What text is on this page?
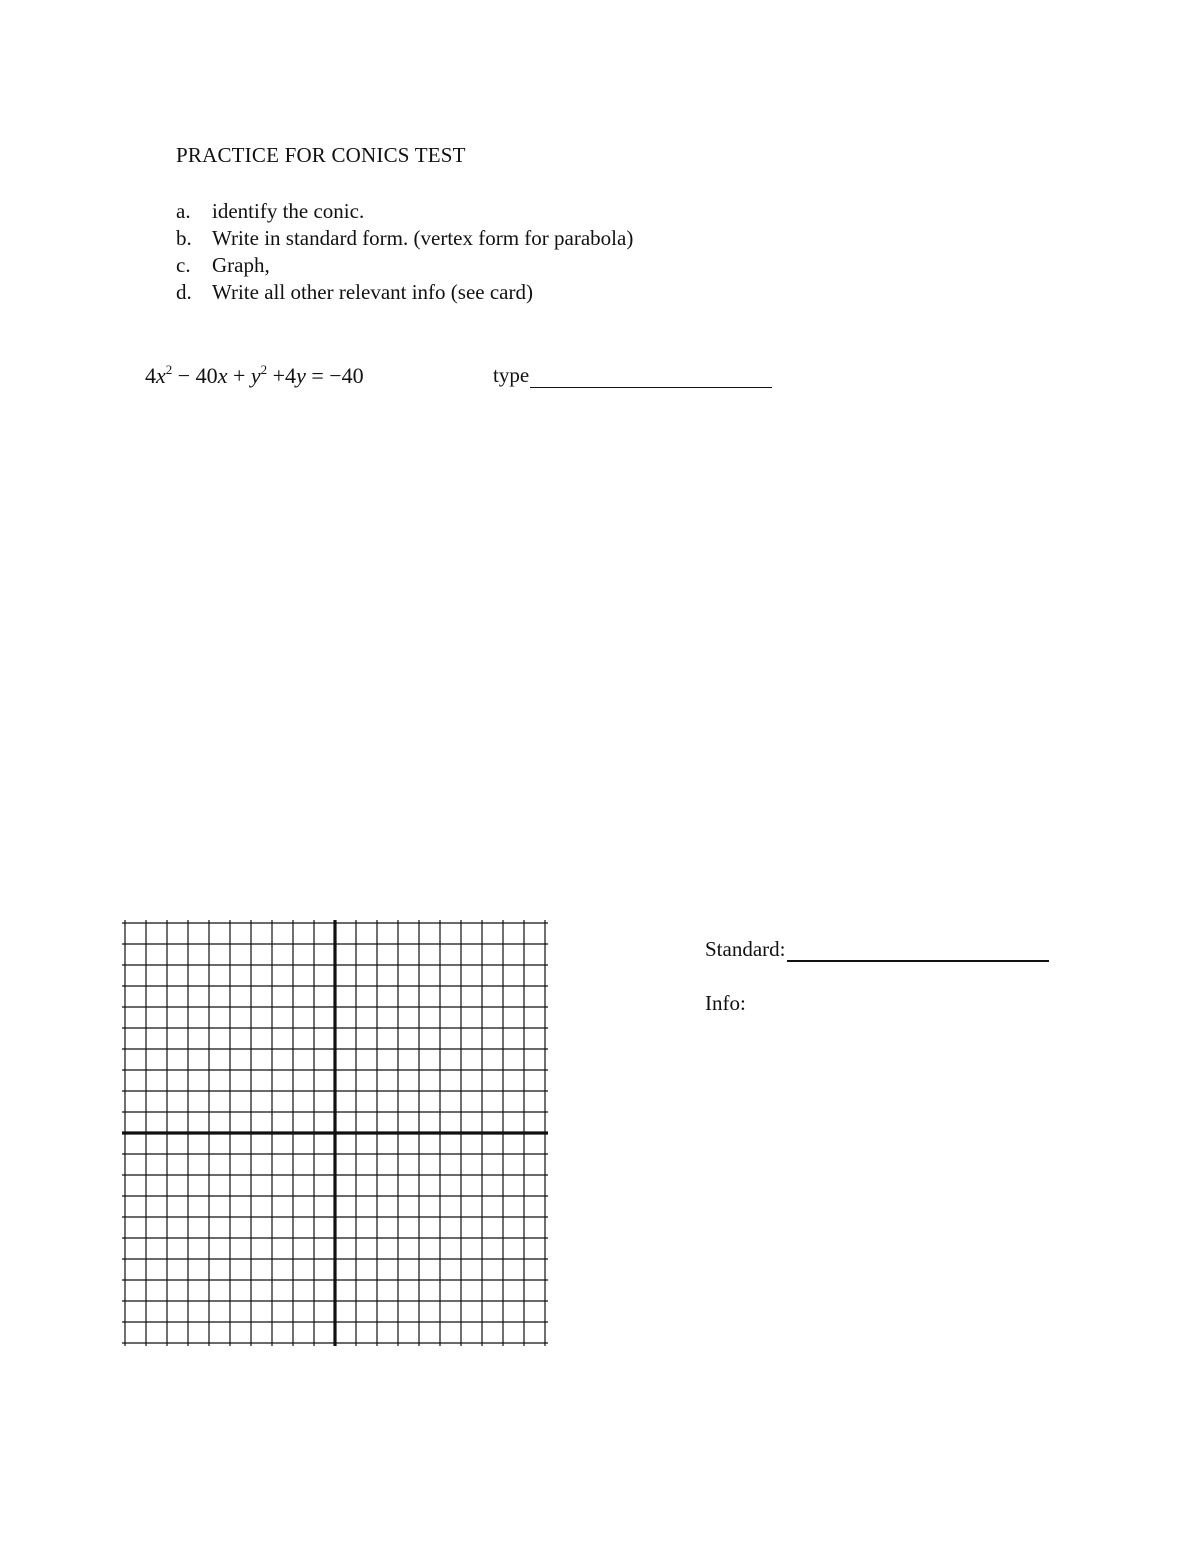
PRACTICE FOR CONICS TEST
a.	identify the conic.
b. Write in standard form. (vertex form for parabola)
c.	Graph,
d. Write all other relevant info (see card)
$4x^2 - 40x + y^2 +4y = -40$	type
Standard:
Info:
